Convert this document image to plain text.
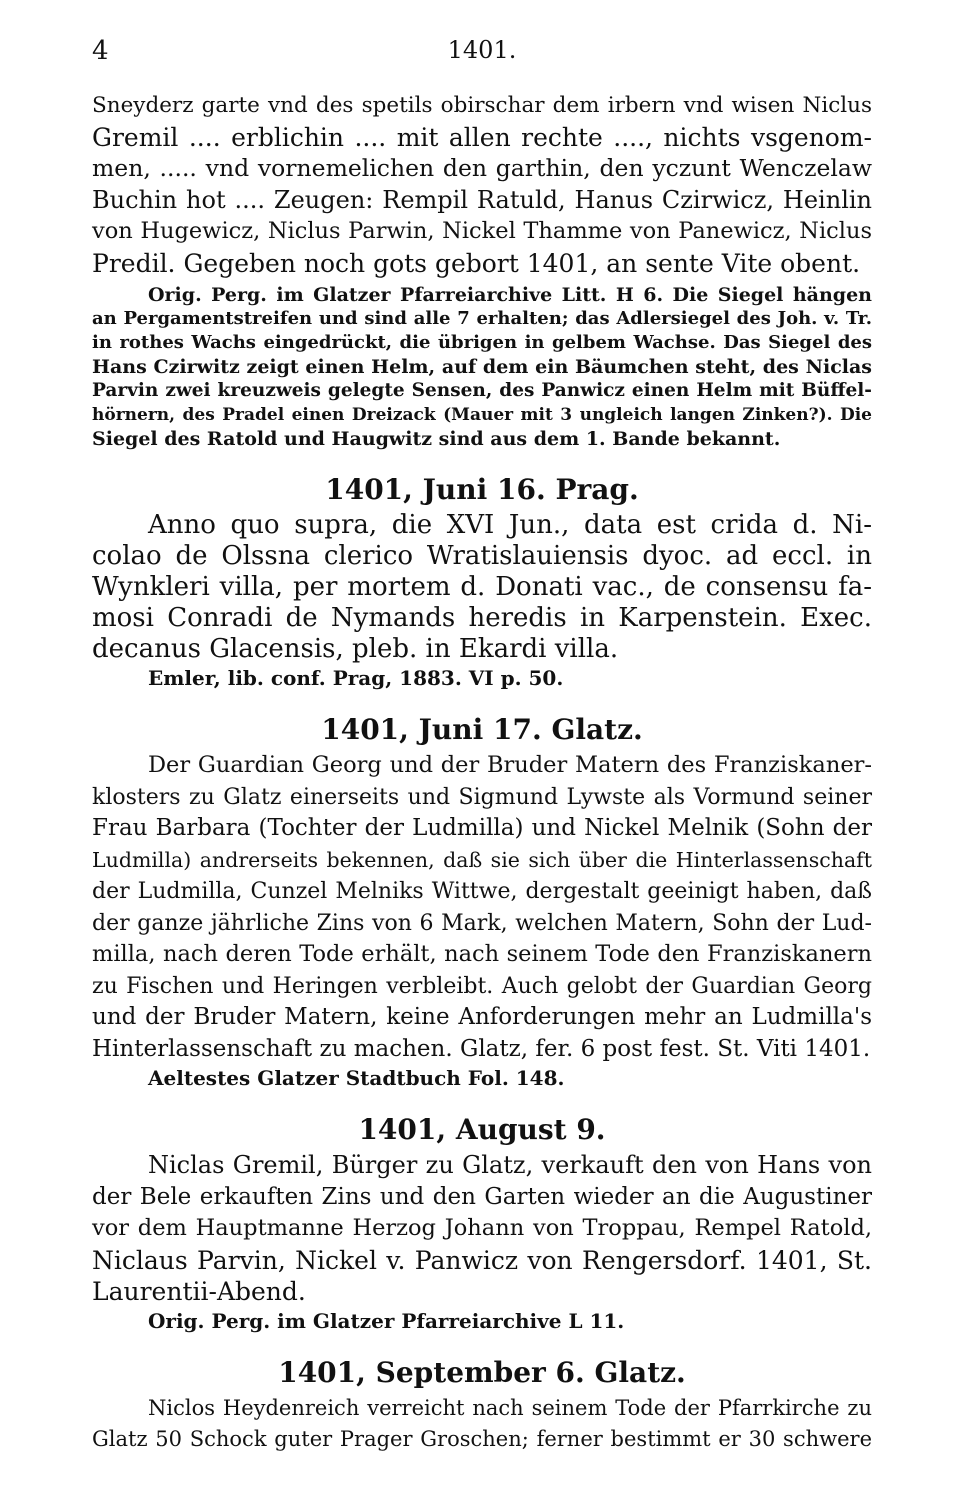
4	1401.

Sneyderz garte vnd des spetils obirschar dem irbern vnd wisen Niclus
Gremil .... erblichin .... mit allen rechte ...., nichts vsgenom-
men, ..... vnd vornemelichen den garthin, den yczunt Wenczelaw
Buchin hot .... Zeugen: Rempil Ratuld, Hanus Czirwicz, Heinlin
von Hugewicz, Niclus Parwin, Nickel Thamme von Panewicz, Niclus
Predil. Gegeben noch gots gebort 1401, an sente Vite obent.

Orig. Perg. im Glatzer Pfarreiarchive Litt. H 6. Die Siegel hängen
an Pergamentstreifen und sind alle 7 erhalten; das Adlersiegel des Joh. v. Tr.
in rothes Wachs eingedrückt, die übrigen in gelbem Wachse. Das Siegel des
Hans Czirwitz zeigt einen Helm, auf dem ein Bäumchen steht, des Niclas
Parvin zwei kreuzweis gelegte Sensen, des Panwicz einen Helm mit Büffel-
hörnern, des Pradel einen Dreizack (Mauer mit 3 ungleich langen Zinken?). Die
Siegel des Ratold und Haugwitz sind aus dem 1. Bande bekannt.

1401, Juni 16. Prag.

Anno quo supra, die XVI Jun., data est crida d. Ni-
colao de Olssna clerico Wratislauiensis dyoc. ad eccl. in
Wynkleri villa, per mortem d. Donati vac., de consensu fa-
mosi Conradi de Nymands heredis in Karpenstein. Exec.
decanus Glacensis, pleb. in Ekardi villa.

Emler, lib. conf. Prag, 1883. VI p. 50.

1401, Juni 17. Glatz.

Der Guardian Georg und der Bruder Matern des Franziskaner-
klosters zu Glatz einerseits und Sigmund Lywste als Vormund seiner
Frau Barbara (Tochter der Ludmilla) und Nickel Melnik (Sohn der
Ludmilla) andrerseits bekennen, daß sie sich über die Hinterlassenschaft
der Ludmilla, Cunzel Melniks Wittwe, dergestalt geeinigt haben, daß
der ganze jährliche Zins von 6 Mark, welchen Matern, Sohn der Lud-
milla, nach deren Tode erhält, nach seinem Tode den Franziskanern
zu Fischen und Heringen verbleibt. Auch gelobt der Guardian Georg
und der Bruder Matern, keine Anforderungen mehr an Ludmilla's
Hinterlassenschaft zu machen. Glatz, fer. 6 post fest. St. Viti 1401.

Aeltestes Glatzer Stadtbuch Fol. 148.

1401, August 9.

Niclas Gremil, Bürger zu Glatz, verkauft den von Hans von
der Bele erkauften Zins und den Garten wieder an die Augustiner
vor dem Hauptmanne Herzog Johann von Troppau, Rempel Ratold,
Niclaus Parvin, Nickel v. Panwicz von Rengersdorf. 1401, St.
Laurentii-Abend.

Orig. Perg. im Glatzer Pfarreiarchive L 11.

1401, September 6. Glatz.

Niclos Heydenreich verreicht nach seinem Tode der Pfarrkirche zu
Glatz 50 Schock guter Prager Groschen; ferner bestimmt er 30 schwere
